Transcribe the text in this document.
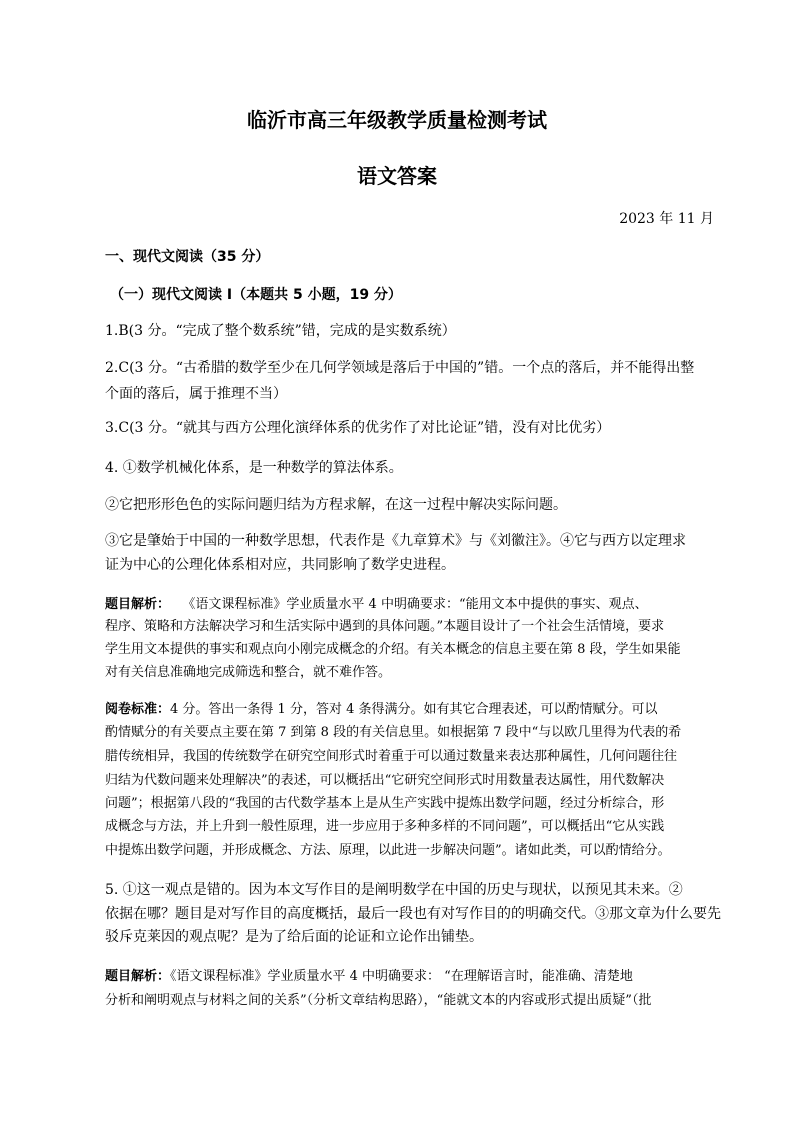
临沂市高三年级教学质量检测考试
语文答案
2023 年 11 月

一、现代文阅读（35 分）

（一）现代文阅读 I（本题共 5 小题，19 分）

1.B(3 分。“完成了整个数系统”错，完成的是实数系统）

2.C(3 分。“古希腊的数学至少在几何学领域是落后于中国的”错。一个点的落后，并不能得出整

个面的落后，属于推理不当）

3.C(3 分。“就其与西方公理化演绎体系的优劣作了对比论证”错，没有对比优劣）

4. ①数学机械化体系，是一种数学的算法体系。

②它把形形色色的实际问题归结为方程求解，在这一过程中解决实际问题。

③它是肇始于中国的一种数学思想，代表作是《九章算术》与《刘徽注》。④它与西方以定理求

证为中心的公理化体系相对应，共同影响了数学史进程。

题目解析： 《语文课程标准》学业质量水平 4 中明确要求：“能用文本中提供的事实、观点、

程序、策略和方法解决学习和生活实际中遇到的具体问题。”本题目设计了一个社会生活情境，要求

学生用文本提供的事实和观点向小刚完成概念的介绍。有关本概念的信息主要在第 8 段，学生如果能

对有关信息准确地完成筛选和整合，就不难作答。

阅卷标准：4 分。答出一条得 1 分，答对 4 条得满分。如有其它合理表述，可以酌情赋分。可以

酌情赋分的有关要点主要在第 7 到第 8 段的有关信息里。如根据第 7 段中“与以欧几里得为代表的希

腊传统相异，我国的传统数学在研究空间形式时着重于可以通过数量来表达那种属性，几何问题往往

归结为代数问题来处理解决”的表述，可以概括出“它研究空间形式时用数量表达属性，用代数解决

问题”；根据第八段的“我国的古代数学基本上是从生产实践中提炼出数学问题，经过分析综合，形

成概念与方法，并上升到一般性原理，进一步应用于多种多样的不同问题”，可以概括出“它从实践

中提炼出数学问题，并形成概念、方法、原理，以此进一步解决问题”。诸如此类，可以酌情给分。

5. ①这一观点是错的。因为本文写作目的是阐明数学在中国的历史与现状，以预见其未来。②

依据在哪？题目是对写作目的高度概括，最后一段也有对写作目的的明确交代。③那文章为什么要先

驳斥克莱因的观点呢？是为了给后面的论证和立论作出铺垫。

题目解析：《语文课程标准》学业质量水平 4 中明确要求： “在理解语言时，能准确、清楚地

分析和阐明观点与材料之间的关系”（分析文章结构思路），“能就文本的内容或形式提出质疑”（批
